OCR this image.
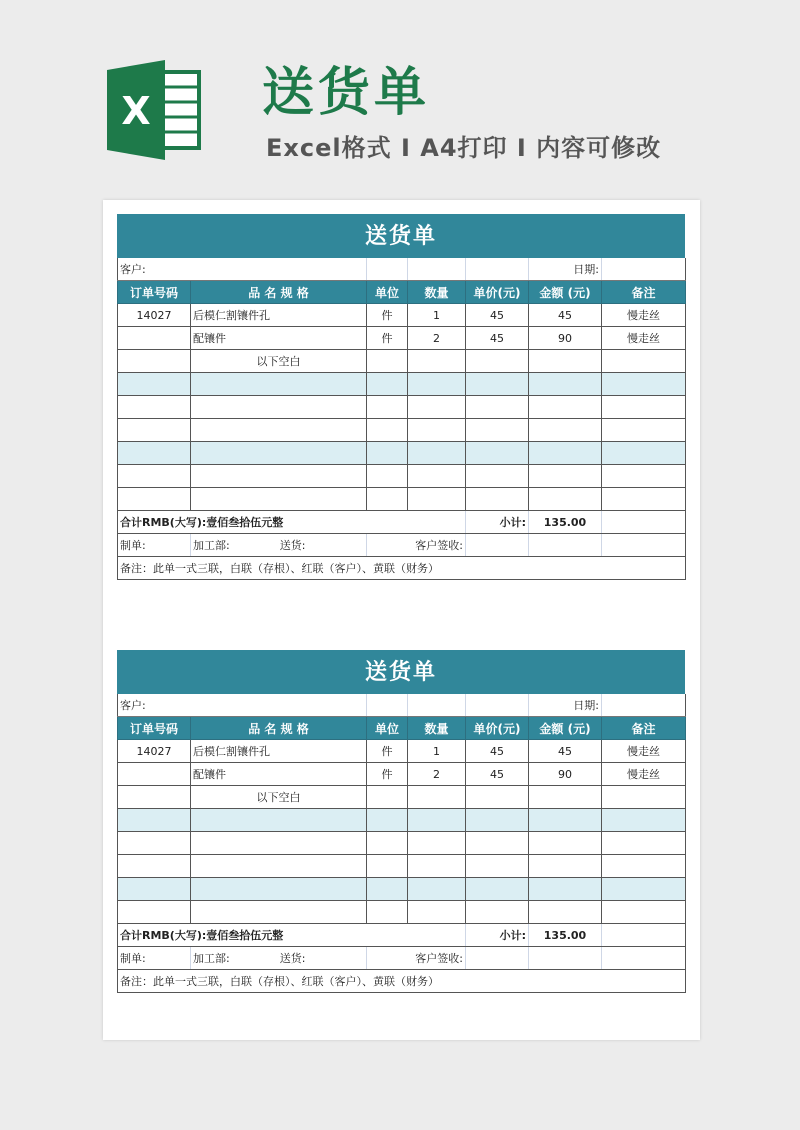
X 送货单
Excel格式 I A4打印 I 内容可修改
送货单
客户:					日期:	
订单号码	品 名 规 格	单位	数量	单价(元)	金额 (元)	备注
14027	后模仁割镶件孔	件	1	45	45	慢走丝
	配镶件	件	2	45	90	慢走丝
	以下空白					

合计RMB(大写):壹佰叁拾伍元整				小计:	135.00	
制单:	加工部: 送货:	客户签收:				
备注：此单一式三联，白联（存根）、红联（客户）、黄联（财务）						
送货单
客户:					日期:	
订单号码	品 名 规 格	单位	数量	单价(元)	金额 (元)	备注
14027	后模仁割镶件孔	件	1	45	45	慢走丝
	配镶件	件	2	45	90	慢走丝
	以下空白					

合计RMB(大写):壹佰叁拾伍元整				小计:	135.00	
制单:	加工部: 送货:	客户签收:				
备注：此单一式三联，白联（存根）、红联（客户）、黄联（财务）						
